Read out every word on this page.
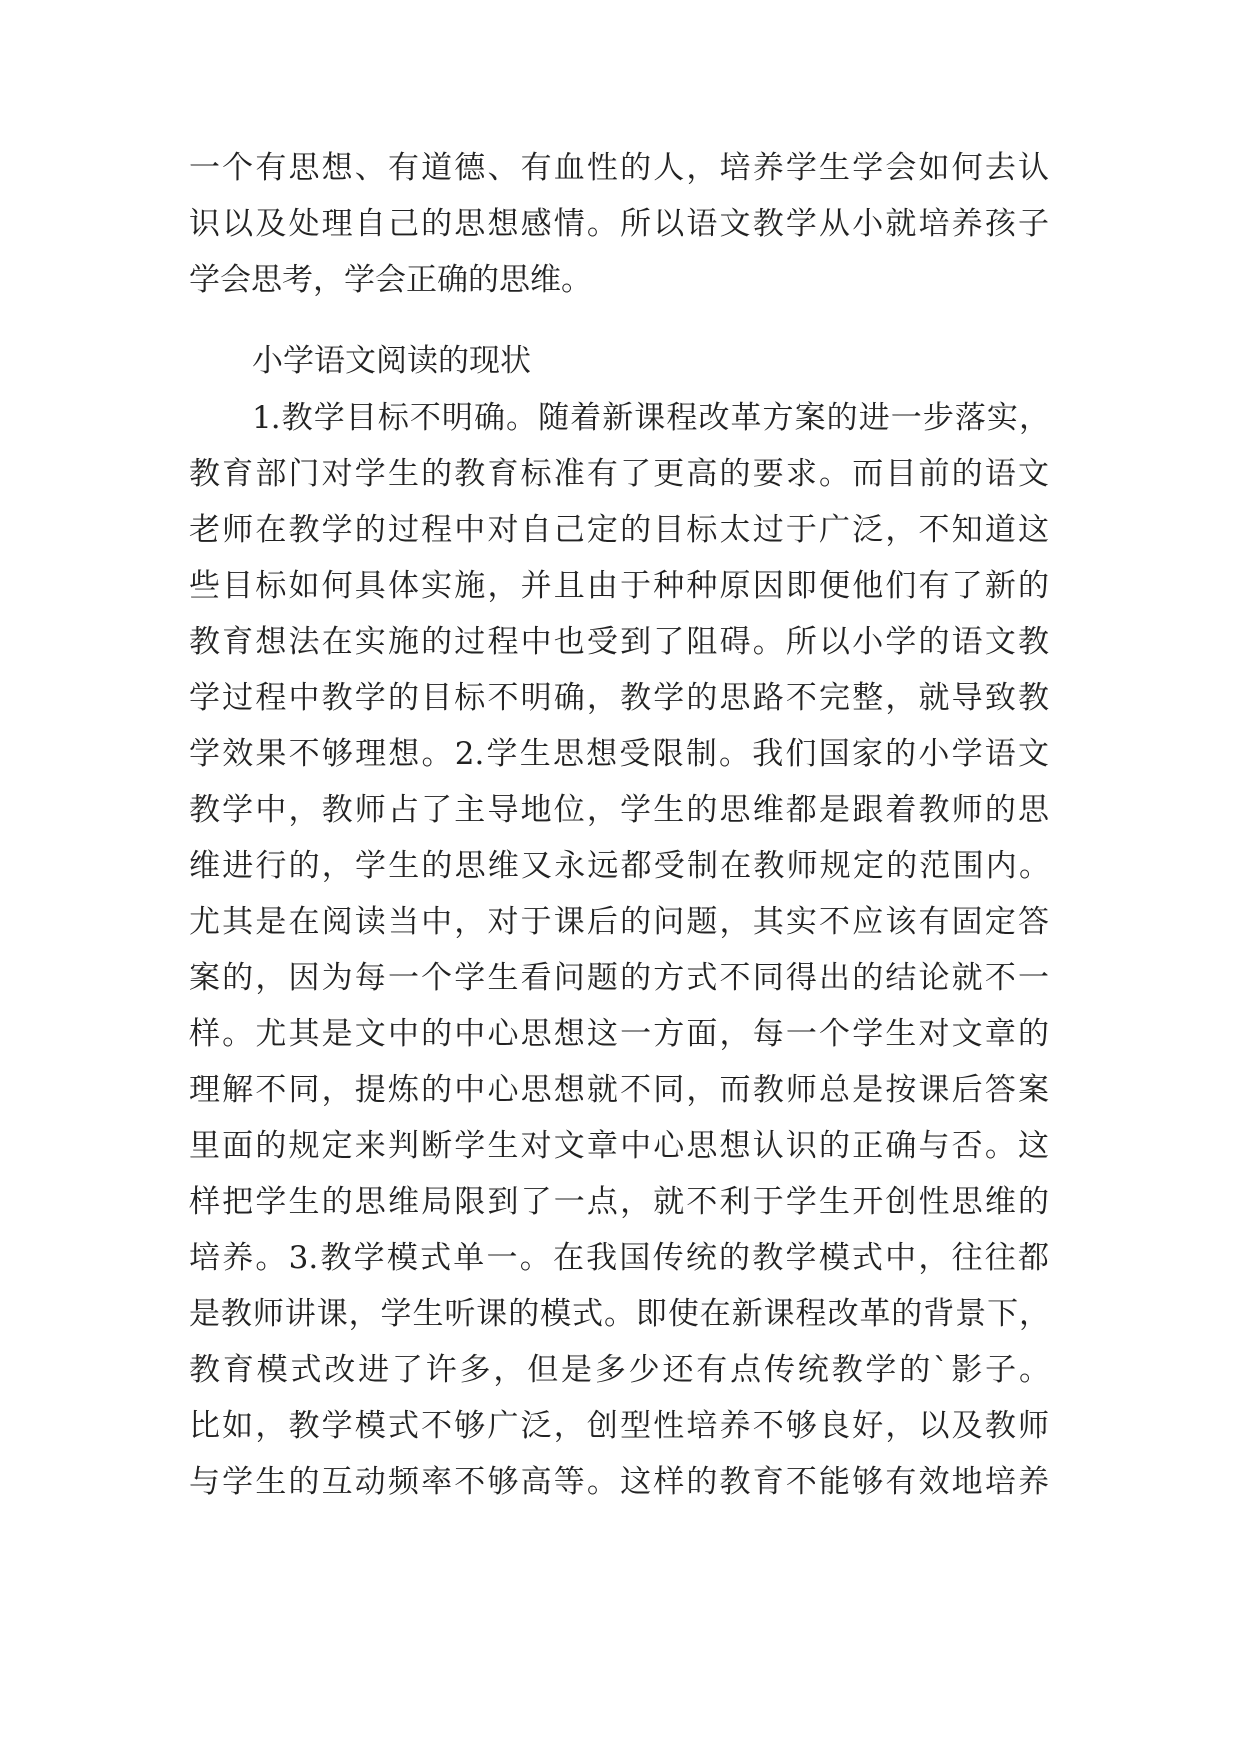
一个有思想、有道德、有血性的人，培养学生学会如何去认
识以及处理自己的思想感情。所以语文教学从小就培养孩子
学会思考，学会正确的思维。
小学语文阅读的现状
1.教学目标不明确。随着新课程改革方案的进一步落实，
教育部门对学生的教育标准有了更高的要求。而目前的语文
老师在教学的过程中对自己定的目标太过于广泛，不知道这
些目标如何具体实施，并且由于种种原因即便他们有了新的
教育想法在实施的过程中也受到了阻碍。所以小学的语文教
学过程中教学的目标不明确，教学的思路不完整，就导致教
学效果不够理想。2.学生思想受限制。我们国家的小学语文
教学中，教师占了主导地位，学生的思维都是跟着教师的思
维进行的，学生的思维又永远都受制在教师规定的范围内。
尤其是在阅读当中，对于课后的问题，其实不应该有固定答
案的，因为每一个学生看问题的方式不同得出的结论就不一
样。尤其是文中的中心思想这一方面，每一个学生对文章的
理解不同，提炼的中心思想就不同，而教师总是按课后答案
里面的规定来判断学生对文章中心思想认识的正确与否。这
样把学生的思维局限到了一点，就不利于学生开创性思维的
培养。3.教学模式单一。在我国传统的教学模式中，往往都
是教师讲课，学生听课的模式。即使在新课程改革的背景下，
教育模式改进了许多，但是多少还有点传统教学的`影子。
比如，教学模式不够广泛，创型性培养不够良好，以及教师
与学生的互动频率不够高等。这样的教育不能够有效地培养
